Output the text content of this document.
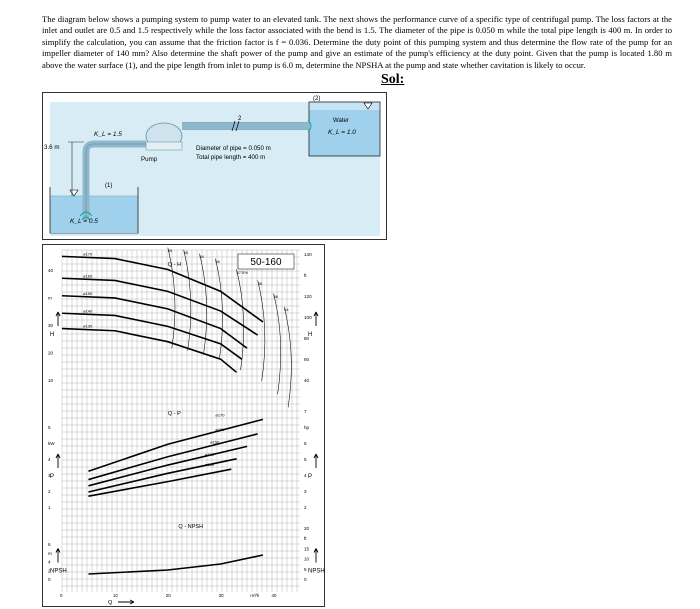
The diagram below shows a pumping system to pump water to an elevated tank. The next shows the performance curve of a specific type of centrifugal pump. The loss factors at the inlet and outlet are 0.5 and 1.5 respectively while the loss factor associated with the bend is 1.5. The diameter of the pipe is 0.050 m while the total pipe length is 400 m. In order to simplify the calculation, you can assume that the friction factor is f = 0.036. Determine the duty point of this pumping system and thus determine the flow rate of the pump for an impeller diameter of 140 mm? Also determine the shaft power of the pump and give an estimate of the pump's efficiency at the duty point. Given that the pump is located 1.80 m above the water surface (1), and the pipe length from inlet to pump is 6.0 m, determine the NPSHA at the pump and state whether cavitation is likely to occur.
Sol:
2
3.6 m
K_L = 1.5
K_L = 0.5
K_L = 1.0
Water
Pump
(1)
(2)
Diameter of pipe = 0.050 m
Total pipe length = 400 m
40
m
30
20
10
140
ft
120
100
80
60
40
H	H
Q - H
ø170
ø160
ø150
ø140
ø130
45	50
54
56
57.5%
58
56
54
50-160
5
kW
4
3
2
1
7
hp
6
5
4
3
2
P	P
Q - P	ø170
ø160
ø150
ø140
ø130
6
m
4
2
0
20
ft
15
10
5
0
NPSH	NPSH
Q - NPSH
0	10	20	30	m³/h	40
Q
